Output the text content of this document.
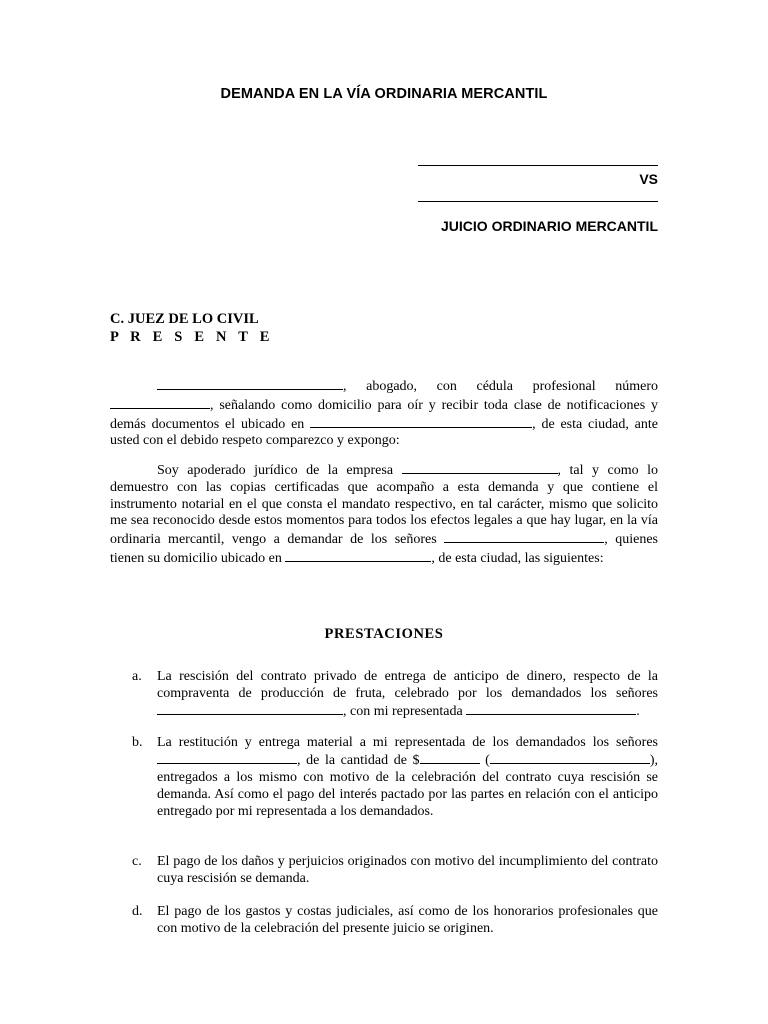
DEMANDA EN LA VÍA ORDINARIA MERCANTIL
VS
JUICIO ORDINARIO MERCANTIL
C. JUEZ DE LO CIVIL
P R E S E N T E
, abogado, con cédula profesional número , señalando como domicilio para oír y recibir toda clase de notificaciones y demás documentos el ubicado en	, de esta ciudad, ante usted con el debido respeto comparezco y expongo:
Soy apoderado jurídico de la empresa	, tal y como lo demuestro con las copias certificadas que acompaño a esta demanda y que contiene el instrumento notarial en el que consta el mandato respectivo, en tal carácter, mismo que solicito me sea reconocido desde estos momentos para todos los efectos legales a que hay lugar, en la vía ordinaria mercantil, vengo a demandar de los señores	, quienes tienen su domicilio ubicado en	, de esta ciudad, las siguientes:
PRESTACIONES
a. La rescisión del contrato privado de entrega de anticipo de dinero, respecto de la compraventa de producción de fruta, celebrado por los demandados los señores , con mi representada	.
b. La restitución y entrega material a mi representada de los demandados los señores , de la cantidad de $	(	), entregados a los mismo con motivo de la celebración del contrato cuya rescisión se demanda. Así como el pago del interés pactado por las partes en relación con el anticipo entregado por mi representada a los demandados.
c. El pago de los daños y perjuicios originados con motivo del incumplimiento del contrato cuya rescisión se demanda.
d. El pago de los gastos y costas judiciales, así como de los honorarios profesionales que con motivo de la celebración del presente juicio se originen.
